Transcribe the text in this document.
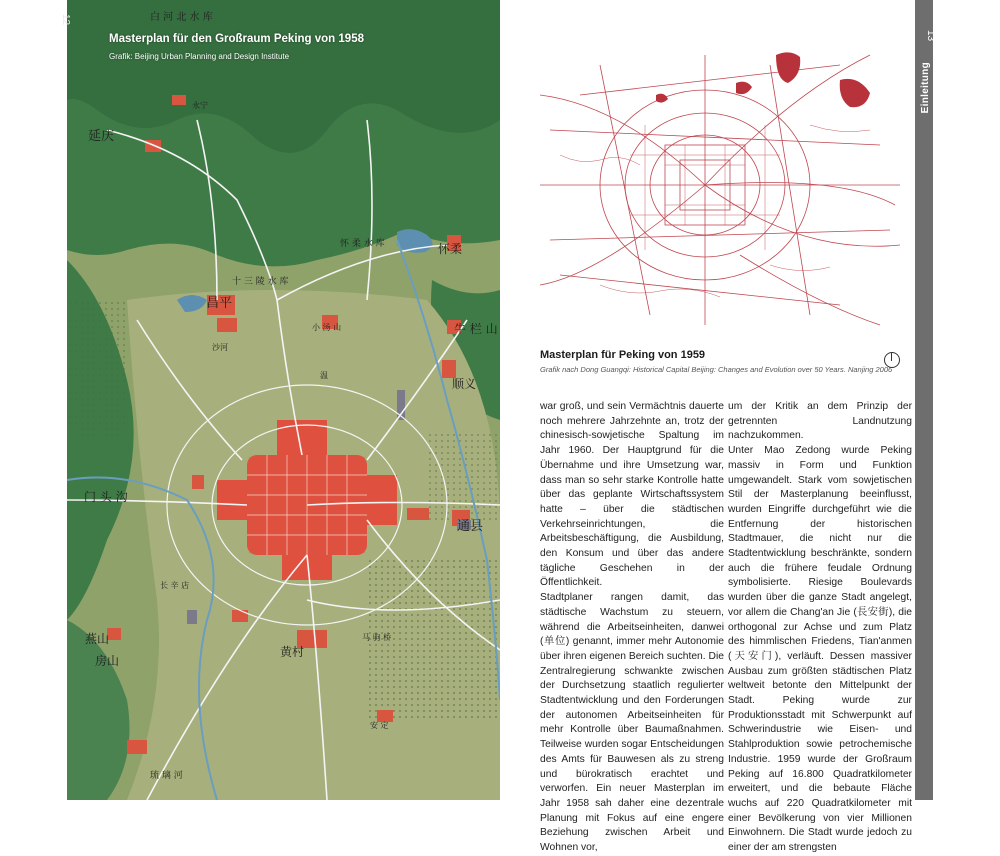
Masterplan für den Großraum Peking von 1958
Grafik: Beijing Urban Planning and Design Institute
白 河 北 水 库
永宁
延庆
怀 柔 水 库	怀柔
十 三 陵 水 库
昌平
牛 栏 山
小 汤 山
沙河
温
顺义
门 头 沟
通县
长 辛 店
燕山
房山
黄村
马 驹 桥
安 定
琉 璃 河
12
Masterplan für Peking von 1959
Grafik nach Dong Guangqi: Historical Capital Beijing: Changes and Evolution over 50 Years. Nanjing 2006

war groß, und sein Vermächtnis dauerte noch mehrere Jahrzehnte an, trotz der chinesisch-sowjetische Spaltung im Jahr 1960. Der Hauptgrund für die Übernahme und ihre Umsetzung war, dass man so sehr starke Kontrolle hatte über das geplante Wirtschaftssystem hatte – über die städtischen Verkehrseinrichtungen, die Arbeitsbeschäftigung, die Ausbildung, den Konsum und über das andere tägliche Geschehen in der Öffentlichkeit.

Stadtplaner rangen damit, das städtische Wachstum zu steuern, während die Arbeitseinheiten, danwei (单位) genannt, immer mehr Autonomie über ihren eigenen Bereich suchten. Die Zentralregierung schwankte zwischen der Durchsetzung staatlich regulierter Stadtentwicklung und den Forderungen der autonomen Arbeitseinheiten für mehr Kontrolle über Baumaßnahmen. Teilweise wurden sogar Entscheidungen des Amts für Bauwesen als zu streng und bürokratisch erachtet und verworfen. Ein neuer Masterplan im Jahr 1958 sah daher eine dezentrale Planung mit Fokus auf eine engere Beziehung zwischen Arbeit und Wohnen vor,

um der Kritik an dem Prinzip der getrennten Landnutzung nachzukommen.

Unter Mao Zedong wurde Peking massiv in Form und Funktion umgewandelt. Stark vom sowjetischen Stil der Masterplanung beeinflusst, wurden Eingriffe durchgeführt wie die Entfernung der historischen Stadtmauer, die nicht nur die Stadtentwicklung beschränkte, sondern auch die frühere feudale Ordnung symbolisierte. Riesige Boulevards wurden über die ganze Stadt angelegt, vor allem die Chang'an Jie (長安街), die orthogonal zur Achse und zum Platz des himmlischen Friedens, Tian'anmen (天安门), verläuft. Dessen massiver Ausbau zum größten städtischen Platz weltweit betonte den Mittelpunkt der Stadt. Peking wurde zur Produktionsstadt mit Schwerpunkt auf Schwerindustrie wie Eisen- und Stahlproduktion sowie petrochemische Industrie. 1959 wurde der Großraum Peking auf 16.800 Quadratkilometer erweitert, und die bebaute Fläche wuchs auf 220 Quadratkilometer mit einer Bevölkerung von vier Millionen Einwohnern. Die Stadt wurde jedoch zu einer der am strengsten

Einleitung
13
